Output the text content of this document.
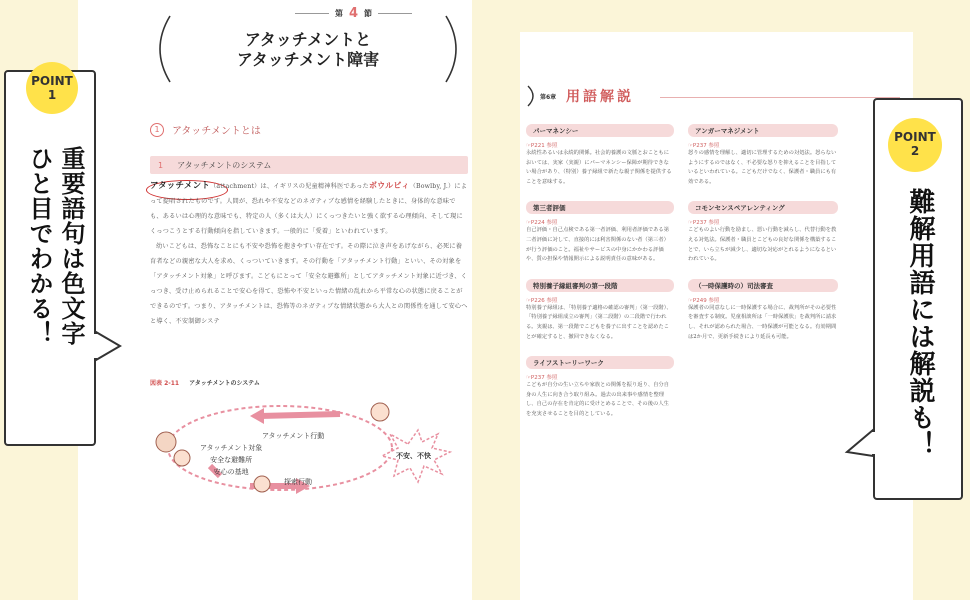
第 4 節
アタッチメントと
アタッチメント障害
1	アタッチメントとは
1 アタッチメントのシステム

アタッチメント（attachment）は、イギリスの児童精神科医であったボウルビィ（Bowlby, J.）によって提唱されたものです。人間が、恐れや不安などのネガティブな感情を経験したときに、身体的な意味でも、あるいは心理的な意味でも、特定の人（多くは大人）にくっつきたいと強く欲する心理傾向、そして現にくっつこうとする行動傾向を指していきます。一般的に「愛着」といわれています。

幼いこどもは、恐怖なことにも不安や恐怖を抱きやすい存在です。その際に泣き声をあげながら、必死に養育者などの親密な大人を求め、くっついていきます。その行動を「アタッチメント行動」といい、その対象を「アタッチメント対象」と呼びます。こどもにとって「安全な避難所」としてアタッチメント対象に近づき、くっつき、受け止められることで安心を得て、恐怖や不安といった情緒の乱れから平常な心の状態に戻ることができるのです。つまり、アタッチメントは、恐怖等のネガティブな情緒状態から大人との関係性を通して安心へと導く、不安制御システ

図表 2-11 アタッチメントのシステム
アタッチメント行動
アタッチメント対象
安全な避難所
安心の基地
探索行動
不安、不快
POINT
1
重要語句は色文字
ひと目でわかる！
第6章 用語解説
パーマネンシー
☞P221 参照
永続性あるいは永続的関係。社会的養護の文脈とおこともにおいては、実家（実親）にパーマネンシー保障が期待できない場合があり、（特別）養子縁組で新たな親子関係を提供することを意味する。
第三者評価
☞P224 参照
自己評価・自己点検である第一者評価、利用者評価である第二者評価に対して、直接的には利害関係のない者（第三者）が行う評価のこと。福祉やサービスの中身にかかわる評価や、質の担保や情報開示による説明責任の意味がある。
特別養子縁組審判の第一段階
☞P226 参照
特別養子縁組は、「特別養子適格の確認の審判」（第一段階）、「特別養子縁組成立の審判」（第二段階）の二段階で行われる。実親は、第一段階でこどもを養子に出すことを認めたことが確定すると、撤回できなくなる。
ライフストーリーワーク
☞P237 参照
こどもが自分の生い立ちや家族との関係を振り返り、自分自身の人生に向き合う取り組み。過去の出来事や感情を整理し、自己の存在を肯定的に受けとめることで、その後の人生を充実させることを目的としている。
アンガーマネジメント
☞P237 参照
怒りの感情を理解し、適切に管理するための対処法。怒らないようにするのではなく、不必要な怒りを抑えることを目指しているといわれている。こどもだけでなく、保護者・職員にも有効である。
コモンセンスペアレンティング
☞P237 参照
こどものよい行動を励まし、悪い行動を減らし、代替行動を教える対処法。保護者・職員とこどもの良好な関係を構築することで、いら立ちが減少し、適切な対応がとれるようになるといわれている。
（一時保護時の）司法審査
☞P249 参照
保護者の同意なしに一時保護する場合に、裁判所がその必要性を審査する制度。児童相談所は「一時保護状」を裁判所に請求し、それが認められた場合、一時保護が可能となる。有効期間は2か月で、更新手続きにより延長も可能。
POINT
2
難解用語には解説も！
